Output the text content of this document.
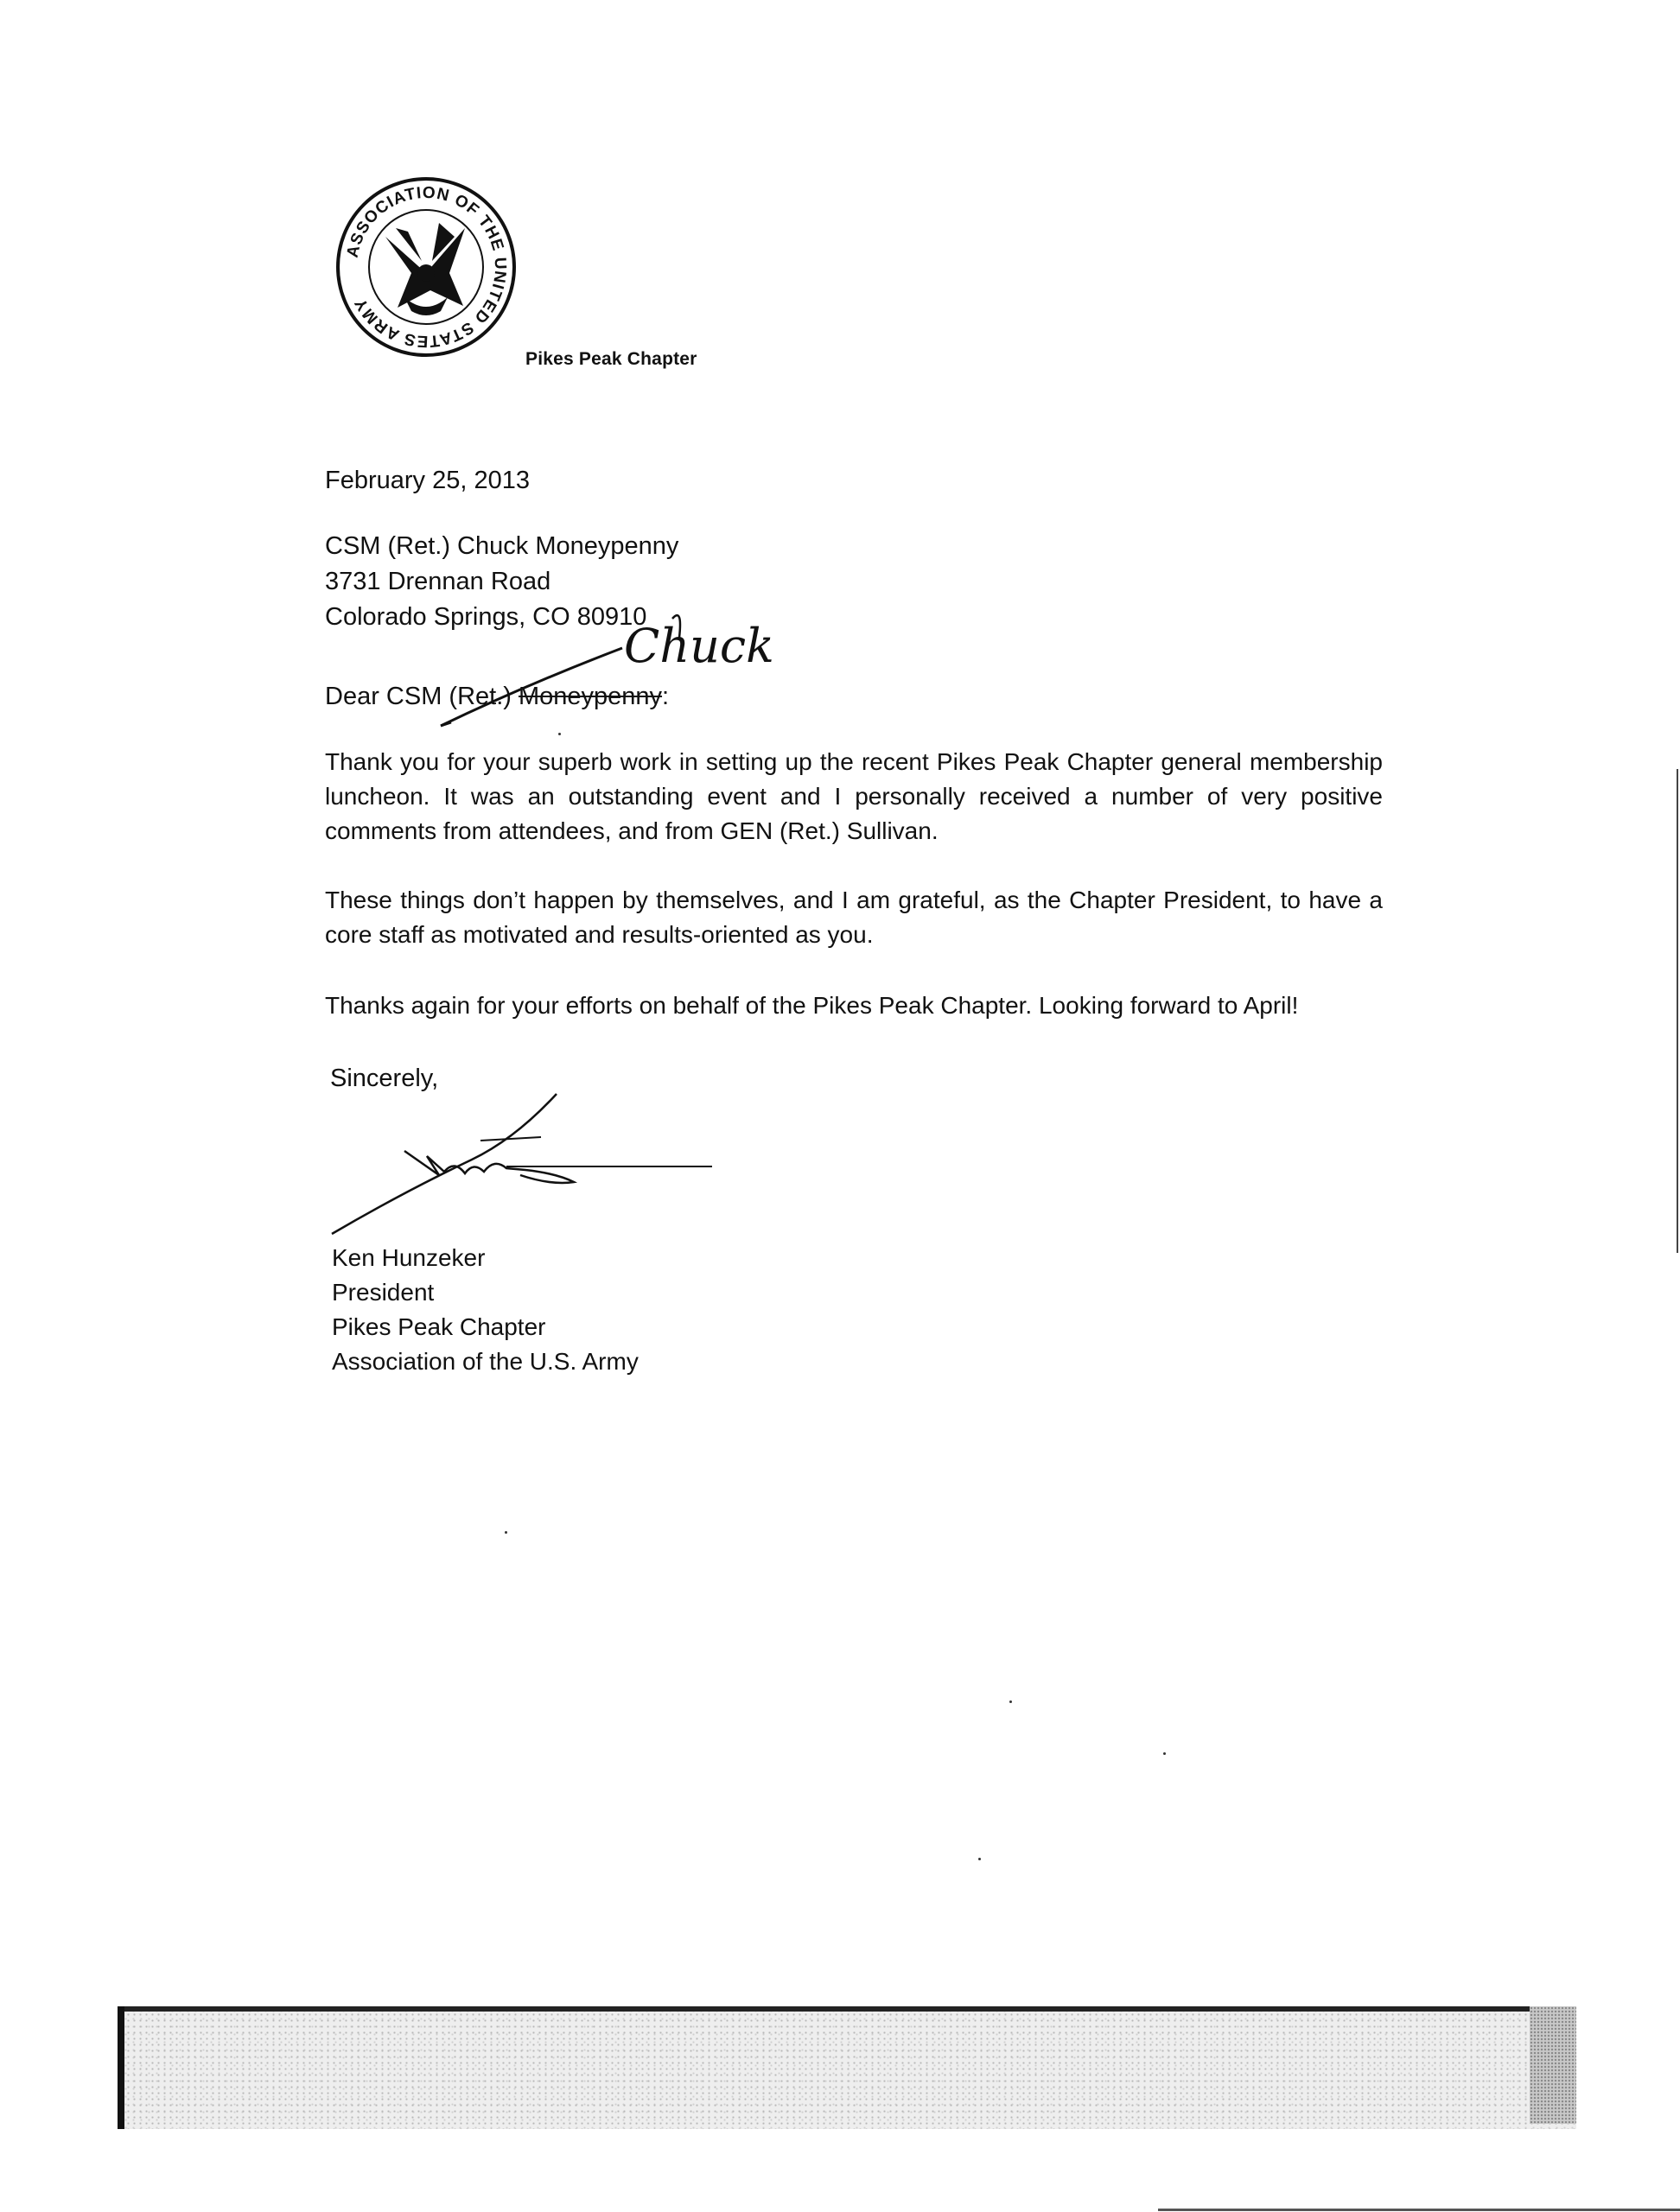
ASSOCIATION OF THE UNITED STATES ARMY
Pikes Peak Chapter
February 25, 2013
CSM (Ret.) Chuck Moneypenny
3731 Drennan Road
Colorado Springs, CO 80910
Dear CSM (Ret.) Moneypenny:
Chuck

Thank you for your superb work in setting up the recent Pikes Peak Chapter general membership luncheon. It was an outstanding event and I personally received a number of very positive comments from attendees, and from GEN (Ret.) Sullivan.

These things don’t happen by themselves, and I am grateful, as the Chapter President, to have a core staff as motivated and results-oriented as you.

Thanks again for your efforts on behalf of the Pikes Peak Chapter. Looking forward to April!

Sincerely,
Ken Hunzeker
President
Pikes Peak Chapter
Association of the U.S. Army
